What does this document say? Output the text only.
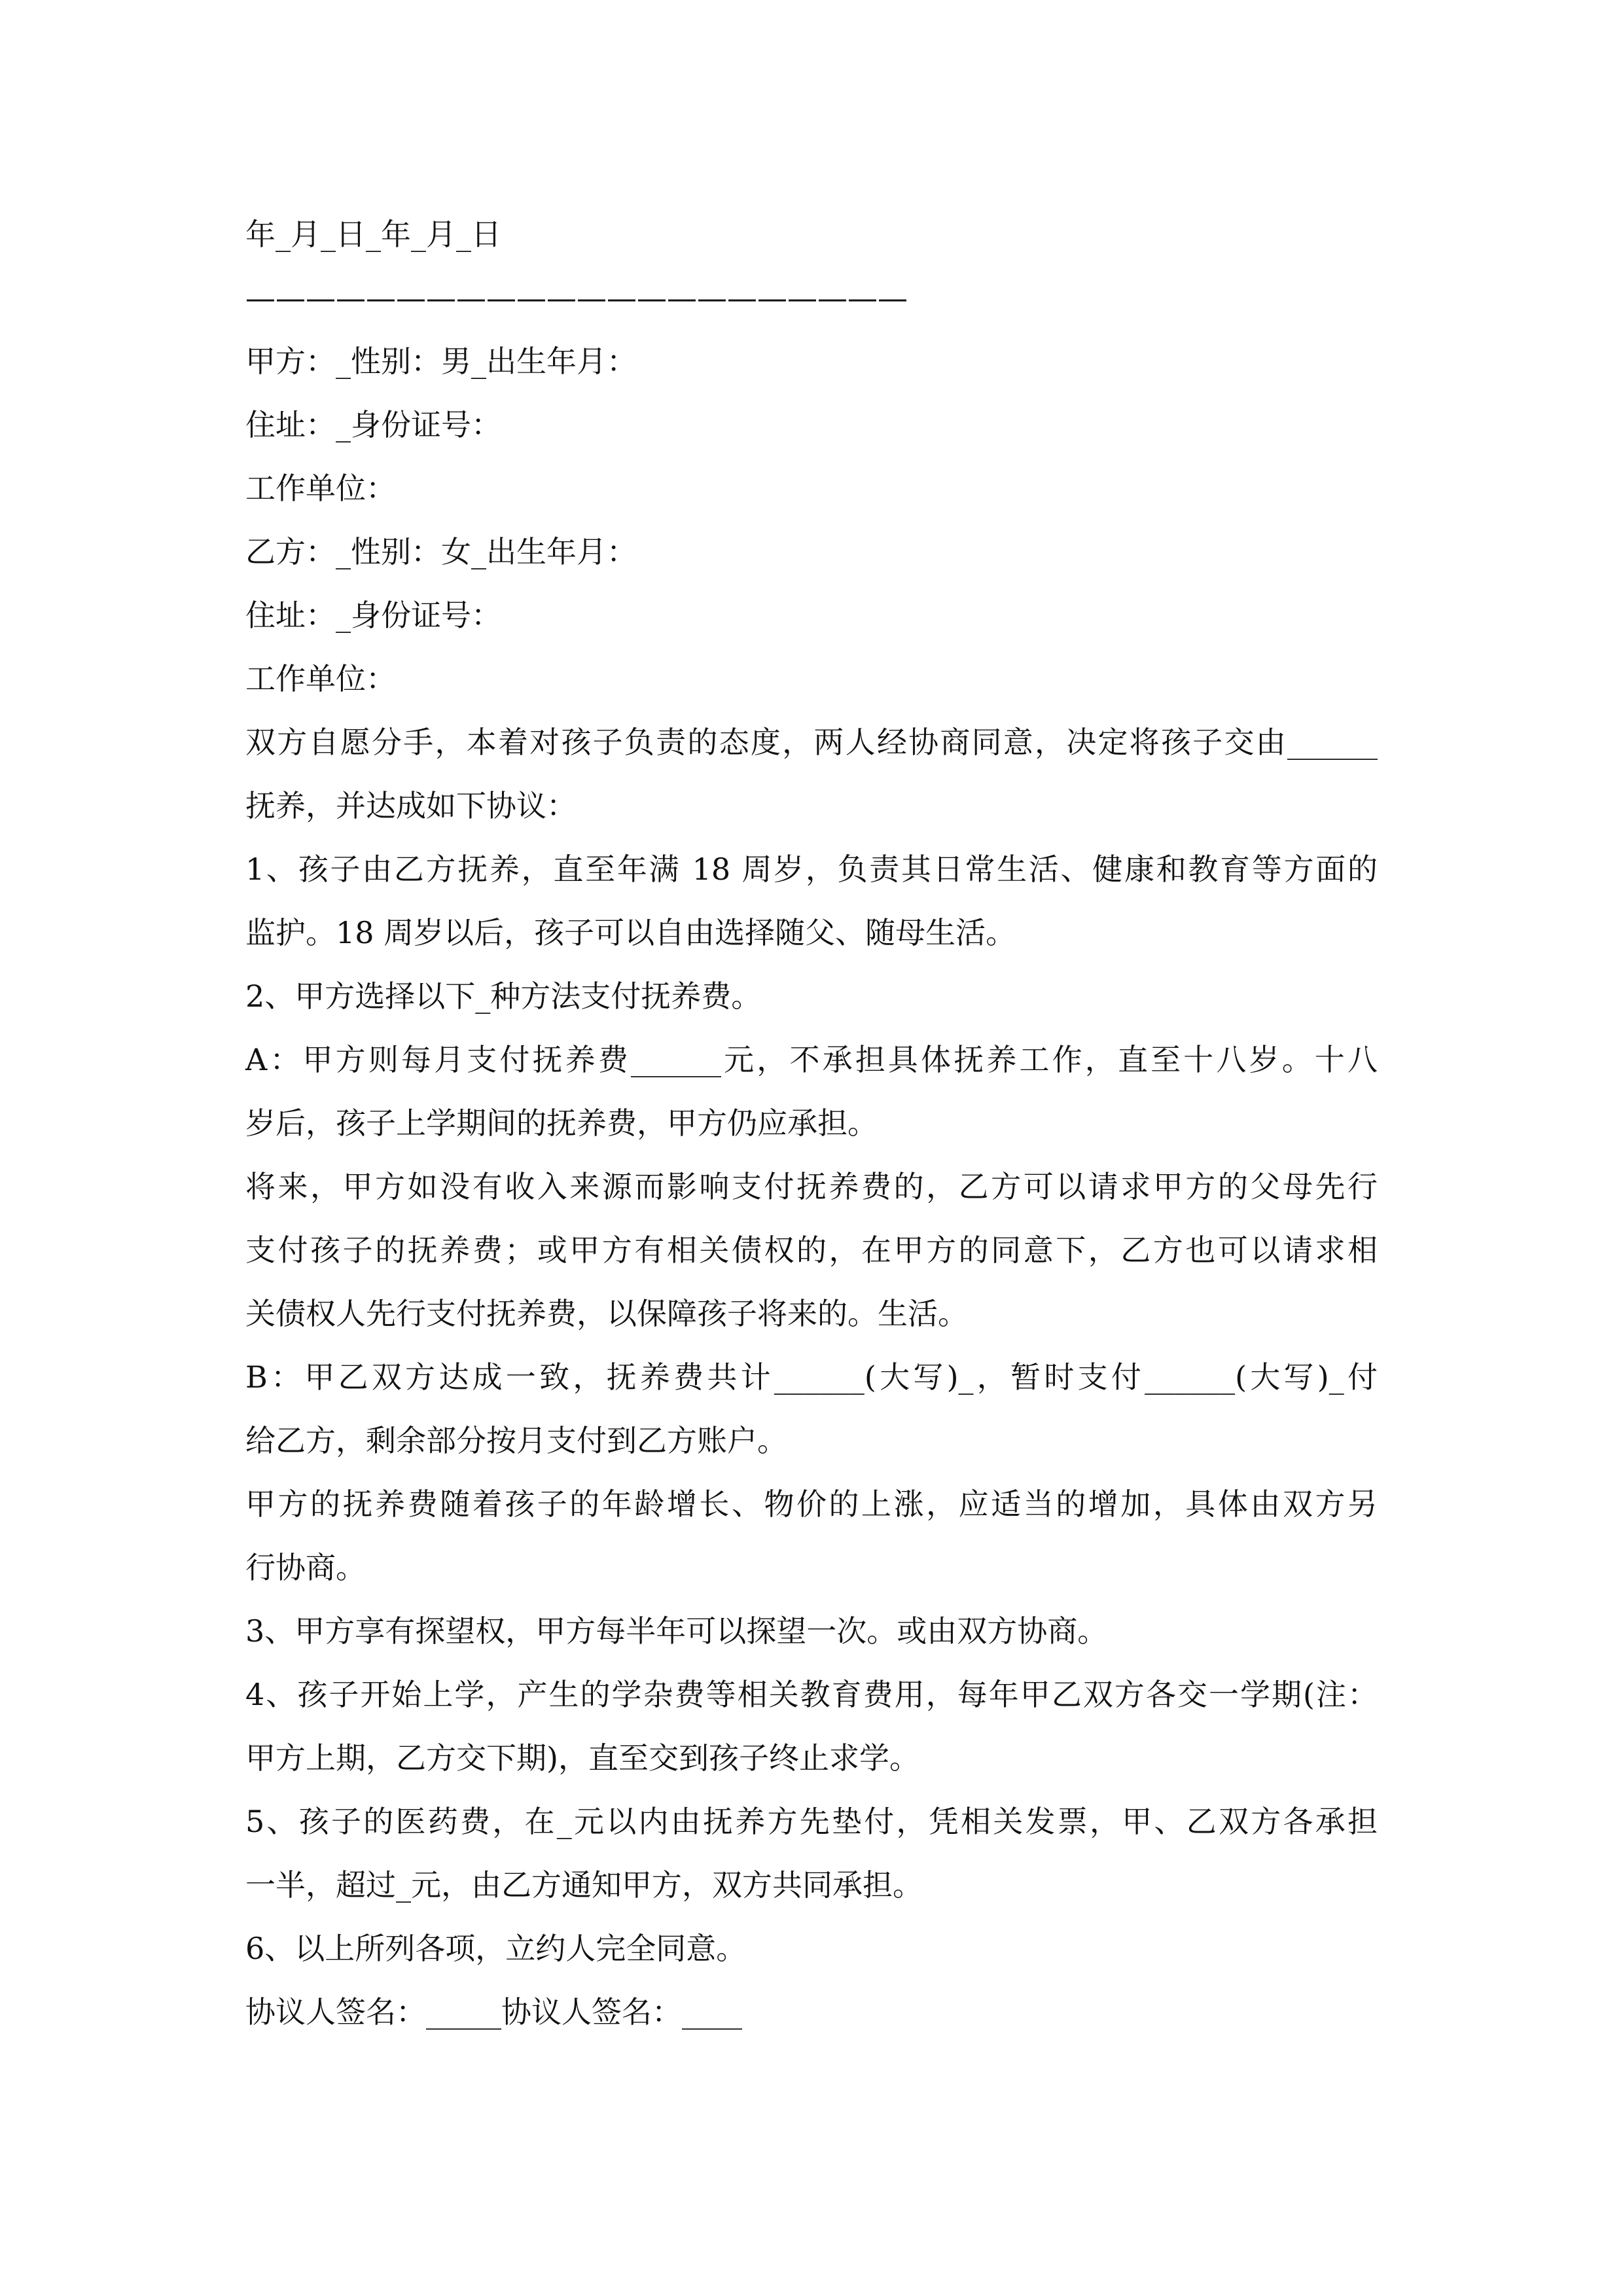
年_月_日_年_月_日
——————————————————————
甲方：_性别：男_出生年月：
住址：_身份证号：
工作单位：
乙方：_性别：女_出生年月：
住址：_身份证号：
工作单位：
双方自愿分手，本着对孩子负责的态度，两人经协商同意，决定将孩子交由______
抚养，并达成如下协议：
1、孩子由乙方抚养，直至年满 18 周岁，负责其日常生活、健康和教育等方面的
监护。18 周岁以后，孩子可以自由选择随父、随母生活。
2、甲方选择以下_种方法支付抚养费。
A：甲方则每月支付抚养费______元，不承担具体抚养工作，直至十八岁。十八
岁后，孩子上学期间的抚养费，甲方仍应承担。
将来，甲方如没有收入来源而影响支付抚养费的，乙方可以请求甲方的父母先行
支付孩子的抚养费；或甲方有相关债权的，在甲方的同意下，乙方也可以请求相
关债权人先行支付抚养费，以保障孩子将来的。生活。
B：甲乙双方达成一致，抚养费共计______(大写)_，暂时支付______(大写)_付
给乙方，剩余部分按月支付到乙方账户。
甲方的抚养费随着孩子的年龄增长、物价的上涨，应适当的增加，具体由双方另
行协商。
3、甲方享有探望权，甲方每半年可以探望一次。或由双方协商。
4、孩子开始上学，产生的学杂费等相关教育费用，每年甲乙双方各交一学期(注：
甲方上期，乙方交下期)，直至交到孩子终止求学。
5、孩子的医药费，在_元以内由抚养方先垫付，凭相关发票，甲、乙双方各承担
一半，超过_元，由乙方通知甲方，双方共同承担。
6、以上所列各项，立约人完全同意。
协议人签名：_____协议人签名：____
